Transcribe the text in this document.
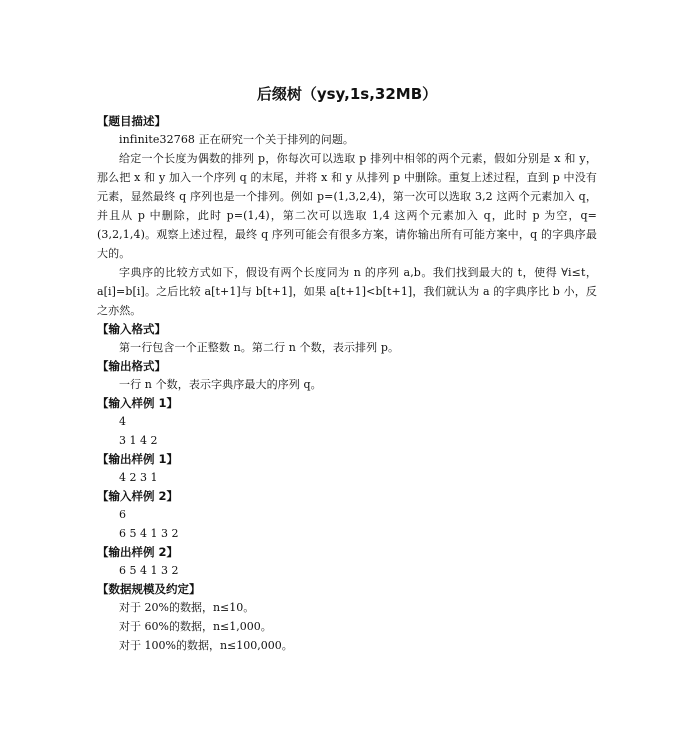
后缀树（ysy,1s,32MB）
【题目描述】
infinite32768 正在研究一个关于排列的问题。
给定一个长度为偶数的排列 p，你每次可以选取 p 排列中相邻的两个元素，假如分别是 x 和 y，那么把 x 和 y 加入一个序列 q 的末尾，并将 x 和 y 从排列 p 中删除。重复上述过程，直到 p 中没有元素，显然最终 q 序列也是一个排列。例如 p=(1,3,2,4)，第一次可以选取 3,2 这两个元素加入 q，并且从 p 中删除，此时 p=(1,4)，第二次可以选取 1,4 这两个元素加入 q，此时 p 为空，q=(3,2,1,4)。观察上述过程，最终 q 序列可能会有很多方案，请你输出所有可能方案中，q 的字典序最大的。
字典序的比较方式如下，假设有两个长度同为 n 的序列 a,b。我们找到最大的 t，使得 ∀i≤t，a[i]=b[i]。之后比较 a[t+1]与 b[t+1]，如果 a[t+1]<b[t+1]，我们就认为 a 的字典序比 b 小，反之亦然。
【输入格式】
第一行包含一个正整数 n。第二行 n 个数，表示排列 p。
【输出格式】
一行 n 个数，表示字典序最大的序列 q。
【输入样例 1】
4
3 1 4 2
【输出样例 1】
4 2 3 1
【输入样例 2】
6
6 5 4 1 3 2
【输出样例 2】
6 5 4 1 3 2
【数据规模及约定】
对于 20%的数据，n≤10。
对于 60%的数据，n≤1,000。
对于 100%的数据，n≤100,000。
